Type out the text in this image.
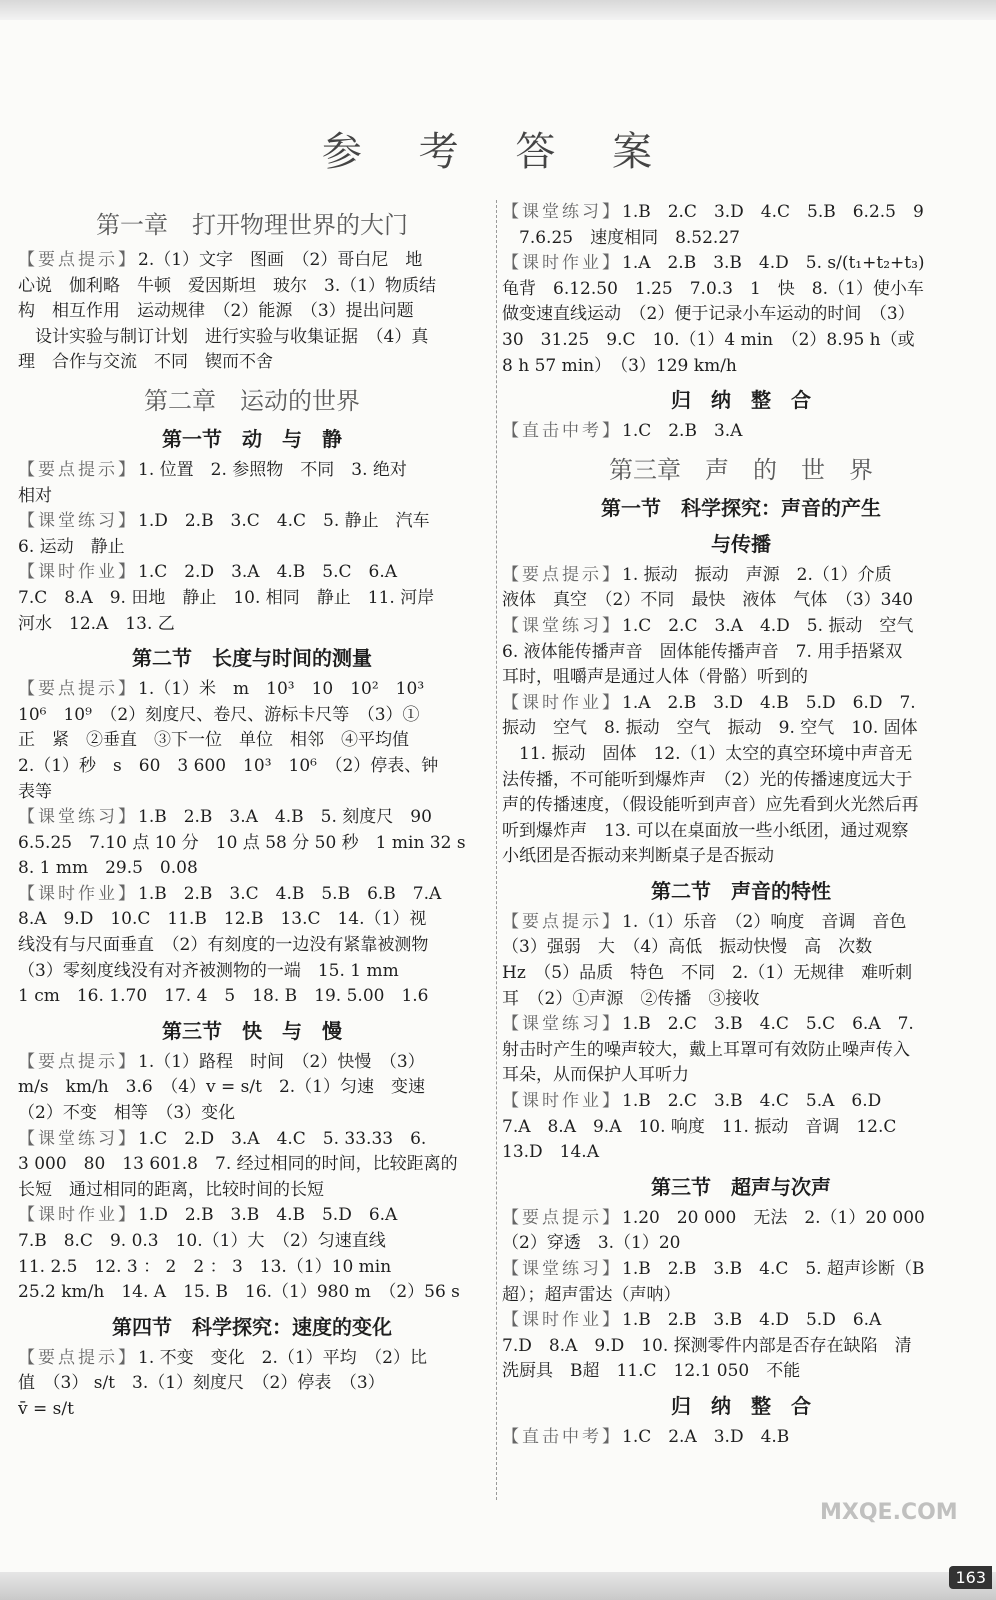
参 考 答 案
第一章　打开物理世界的大门
【要点提示】2.（1）文字　图画　（2）哥白尼　地
心说　伽利略　牛顿　爱因斯坦　玻尔　3.（1）物质结
构　相互作用　运动规律　（2）能源　（3）提出问题
　设计实验与制订计划　进行实验与收集证据　（4）真
理　合作与交流　不同　锲而不舍
第二章　运动的世界
第一节　动　与　静
【要点提示】1. 位置　2. 参照物　不同　3. 绝对
相对
【课堂练习】1.D　2.B　3.C　4.C　5. 静止　汽车
6. 运动　静止
【课时作业】1.C　2.D　3.A　4.B　5.C　6.A
7.C　8.A　9. 田地　静止　10. 相同　静止　11. 河岸
河水　12.A　13. 乙
第二节　长度与时间的测量
【要点提示】1.（1）米　m　10³　10　10²　10³
10⁶　10⁹　（2）刻度尺、卷尺、游标卡尺等　（3）①
正　紧　②垂直　③下一位　单位　相邻　④平均值
2.（1）秒　s　60　3 600　10³　10⁶　（2）停表、钟
表等
【课堂练习】1.B　2.B　3.A　4.B　5. 刻度尺　90
6.5.25　7.10 点 10 分　10 点 58 分 50 秒　1 min 32 s
8. 1 mm　29.5　0.08
【课时作业】1.B　2.B　3.C　4.B　5.B　6.B　7.A
8.A　9.D　10.C　11.B　12.B　13.C　14.（1）视
线没有与尺面垂直　（2）有刻度的一边没有紧靠被测物
（3）零刻度线没有对齐被测物的一端　15. 1 mm
1 cm　16. 1.70　17. 4　5　18. B　19. 5.00　1.6
第三节　快　与　慢
【要点提示】1.（1）路程　时间　（2）快慢　（3）
m/s　km/h　3.6　（4）v = s/t　2.（1）匀速　变速
（2）不变　相等　（3）变化
【课堂练习】1.C　2.D　3.A　4.C　5. 33.33　6.
3 000　80　13 601.8　7. 经过相同的时间，比较距离的
长短　通过相同的距离，比较时间的长短
【课时作业】1.D　2.B　3.B　4.B　5.D　6.A
7.B　8.C　9. 0.3　10.（1）大　（2）匀速直线
11. 2.5　12. 3 ： 2　2 ： 3　13.（1）10 min
25.2 km/h　14. A　15. B　16.（1）980 m　（2）56 s
第四节　科学探究：速度的变化
【要点提示】1. 不变　变化　2.（1）平均　（2）比
值　（3） s/t　3.（1）刻度尺　（2）停表　（3）
v̄ = s/t
【课堂练习】1.B　2.C　3.D　4.C　5.B　6.2.5　9
　7.6.25　速度相同　8.52.27
【课时作业】1.A　2.B　3.B　4.D　5. s/(t₁+t₂+t₃)
龟背　6.12.50　1.25　7.0.3　1　快　8.（1）使小车
做变速直线运动　（2）便于记录小车运动的时间　（3）
30　31.25　9.C　10.（1）4 min　（2）8.95 h（或
8 h 57 min）　（3）129 km/h
归　纳　整　合
【直击中考】1.C　2.B　3.A
第三章　声　的　世　界
第一节　科学探究：声音的产生
与传播
【要点提示】1. 振动　振动　声源　2.（1）介质
液体　真空　（2）不同　最快　液体　气体　（3）340
【课堂练习】1.C　2.C　3.A　4.D　5. 振动　空气
6. 液体能传播声音　固体能传播声音　7. 用手捂紧双
耳时，咀嚼声是通过人体（骨骼）听到的
【课时作业】1.A　2.B　3.D　4.B　5.D　6.D　7.
振动　空气　8. 振动　空气　振动　9. 空气　10. 固体
　11. 振动　固体　12.（1）太空的真空环境中声音无
法传播，不可能听到爆炸声　（2）光的传播速度远大于
声的传播速度，（假设能听到声音）应先看到火光然后再
听到爆炸声　13. 可以在桌面放一些小纸团，通过观察
小纸团是否振动来判断桌子是否振动
第二节　声音的特性
【要点提示】1.（1）乐音　（2）响度　音调　音色
（3）强弱　大　（4）高低　振动快慢　高　次数
Hz　（5）品质　特色　不同　2.（1）无规律　难听刺
耳　（2）①声源　②传播　③接收
【课堂练习】1.B　2.C　3.B　4.C　5.C　6.A　7.
射击时产生的噪声较大，戴上耳罩可有效防止噪声传入
耳朵，从而保护人耳听力
【课时作业】1.B　2.C　3.B　4.C　5.A　6.D
7.A　8.A　9.A　10. 响度　11. 振动　音调　12.C
13.D　14.A
第三节　超声与次声
【要点提示】1.20　20 000　无法　2.（1）20 000
（2）穿透　3.（1）20
【课堂练习】1.B　2.B　3.B　4.C　5. 超声诊断（B
超）；超声雷达（声呐）
【课时作业】1.B　2.B　3.B　4.D　5.D　6.A
7.D　8.A　9.D　10. 探测零件内部是否存在缺陷　清
洗厨具　B超　11.C　12.1 050　不能
归　纳　整　合
【直击中考】1.C　2.A　3.D　4.B
MXQE.COM
163
